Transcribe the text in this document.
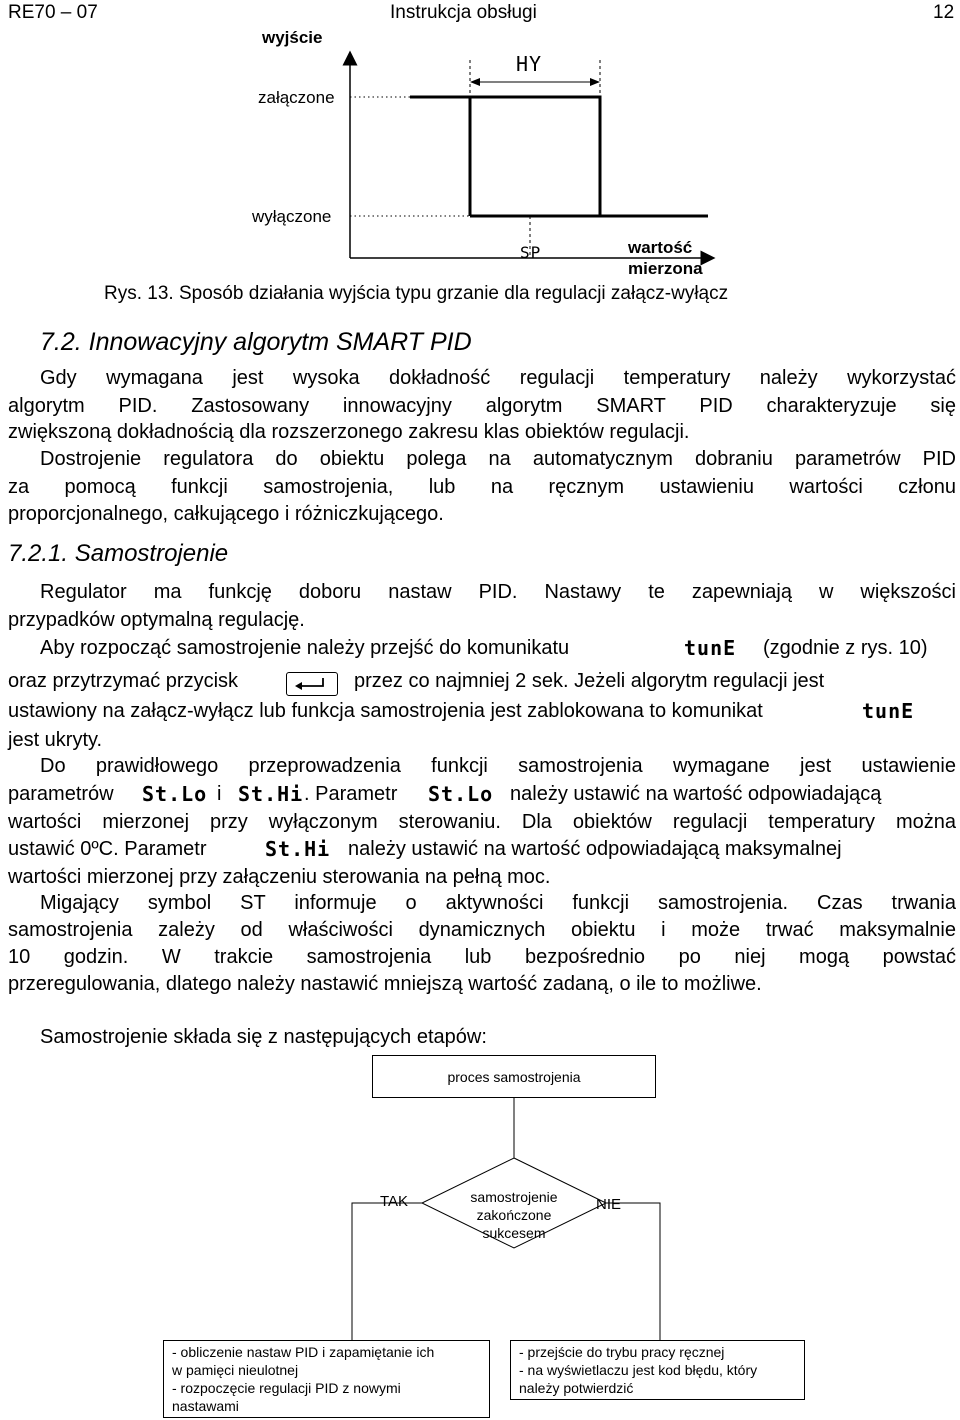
RE70 – 07	Instrukcja obsługi	12
wyjście
załączone
wyłączone
HY
SP	wartość
mierzona
Rys. 13. Sposób działania wyjścia typu grzanie dla regulacji załącz-wyłącz
7.2. Innowacyjny algorytm SMART PID
Gdy wymagana jest wysoka dokładność regulacji temperatury należy wykorzystać
algorytm PID. Zastosowany innowacyjny algorytm SMART PID charakteryzuje się
zwiększoną dokładnością dla rozszerzonego zakresu klas obiektów regulacji.
Dostrojenie regulatora do obiektu polega na automatycznym dobraniu parametrów PID
za pomocą funkcji samostrojenia, lub na ręcznym ustawieniu wartości członu
proporcjonalnego, całkującego i różniczkującego.
7.2.1. Samostrojenie
Regulator ma funkcję doboru nastaw PID. Nastawy te zapewniają w większości
przypadków optymalną regulację.
Aby rozpocząć samostrojenie należy przejść do komunikatu	tunE (zgodnie z rys. 10)
oraz przytrzymać przycisk	przez co najmniej 2 sek. Jeżeli algorytm regulacji jest
ustawiony na załącz-wyłącz lub funkcja samostrojenia jest zablokowana to komunikat	tunE
jest ukryty.
Do prawidłowego przeprowadzenia funkcji samostrojenia wymagane jest ustawienie
parametrów St.Lo i St.Hi . Parametr St.Lo należy ustawić na wartość odpowiadającą
wartości mierzonej przy wyłączonym sterowaniu. Dla obiektów regulacji temperatury można
ustawić 0ºC. Parametr	St.Hi należy ustawić na wartość odpowiadającą maksymalnej
wartości mierzonej przy załączeniu sterowania na pełną moc.
Migający symbol ST informuje o aktywności funkcji samostrojenia. Czas trwania
samostrojenia zależy od właściwości dynamicznych obiektu i może trwać maksymalnie
10 godzin. W trakcie samostrojenia lub bezpośrednio po niej mogą powstać
przeregulowania, dlatego należy nastawić mniejszą wartość zadaną, o ile to możliwe.
Samostrojenie składa się z następujących etapów:
proces samostrojenia
samostrojenie
zakończone
sukcesem
TAK	NIE
- obliczenie nastaw PID i zapamiętanie ich
w pamięci nieulotnej
- rozpoczęcie regulacji PID z nowymi
nastawami
- przejście do trybu pracy ręcznej
- na wyświetlaczu jest kod błędu, który
należy potwierdzić
